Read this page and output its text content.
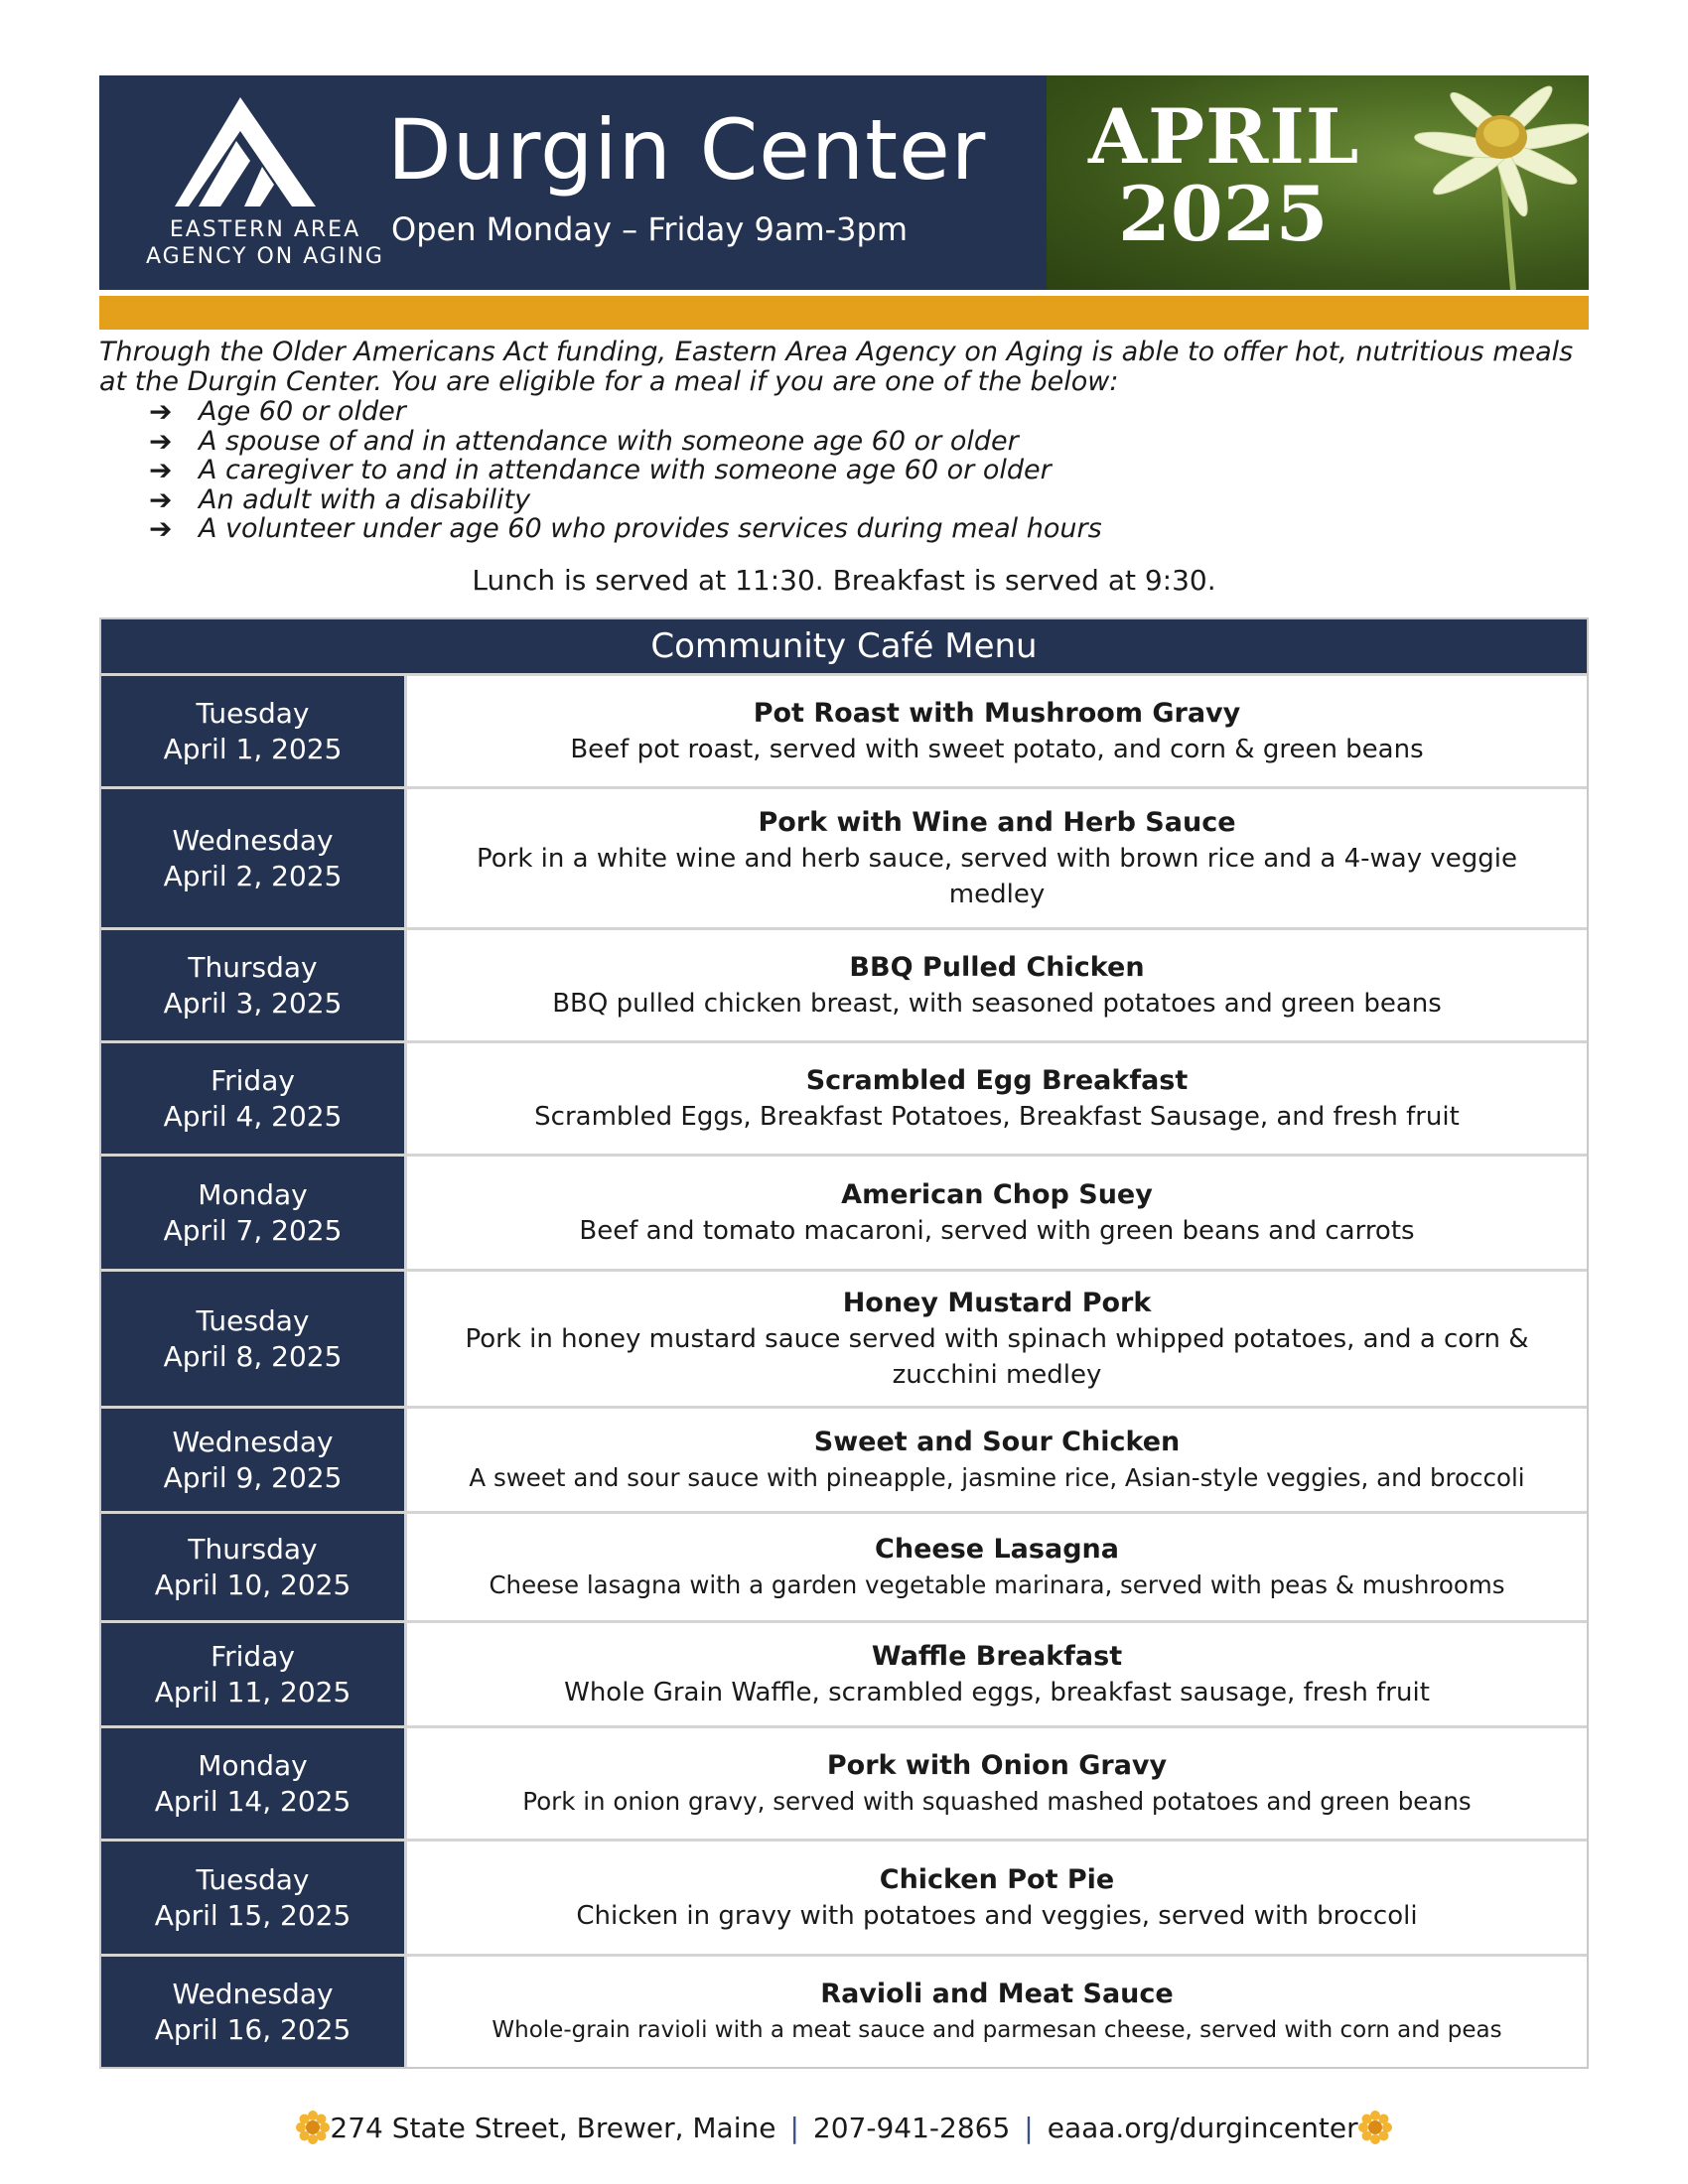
EASTERN AREA
AGENCY ON AGING
Durgin Center
Open Monday – Friday 9am-3pm
APRIL
2025
Through the Older Americans Act funding, Eastern Area Agency on Aging is able to offer hot, nutritious meals at the Durgin Center. You are eligible for a meal if you are one of the below:
➔ Age 60 or older
➔ A spouse of and in attendance with someone age 60 or older
➔ A caregiver to and in attendance with someone age 60 or older
➔ An adult with a disability
➔ A volunteer under age 60 who provides services during meal hours
Lunch is served at 11:30. Breakfast is served at 9:30.
Community Café Menu
Tuesday
April 1, 2025
Pot Roast with Mushroom Gravy
Beef pot roast, served with sweet potato, and corn & green beans
Wednesday
April 2, 2025
Pork with Wine and Herb Sauce
Pork in a white wine and herb sauce, served with brown rice and a 4-way veggie medley
Thursday
April 3, 2025
BBQ Pulled Chicken
BBQ pulled chicken breast, with seasoned potatoes and green beans
Friday
April 4, 2025
Scrambled Egg Breakfast
Scrambled Eggs, Breakfast Potatoes, Breakfast Sausage, and fresh fruit
Monday
April 7, 2025
American Chop Suey
Beef and tomato macaroni, served with green beans and carrots
Tuesday
April 8, 2025
Honey Mustard Pork
Pork in honey mustard sauce served with spinach whipped potatoes, and a corn & zucchini medley
Wednesday
April 9, 2025
Sweet and Sour Chicken
A sweet and sour sauce with pineapple, jasmine rice, Asian-style veggies, and broccoli
Thursday
April 10, 2025
Cheese Lasagna
Cheese lasagna with a garden vegetable marinara, served with peas & mushrooms
Friday
April 11, 2025
Waffle Breakfast
Whole Grain Waffle, scrambled eggs, breakfast sausage, fresh fruit
Monday
April 14, 2025
Pork with Onion Gravy
Pork in onion gravy, served with squashed mashed potatoes and green beans
Tuesday
April 15, 2025
Chicken Pot Pie
Chicken in gravy with potatoes and veggies, served with broccoli
Wednesday
April 16, 2025
Ravioli and Meat Sauce
Whole-grain ravioli with a meat sauce and parmesan cheese, served with corn and peas
274 State Street, Brewer, Maine | 207-941-2865 | eaaa.org/durgincenter
